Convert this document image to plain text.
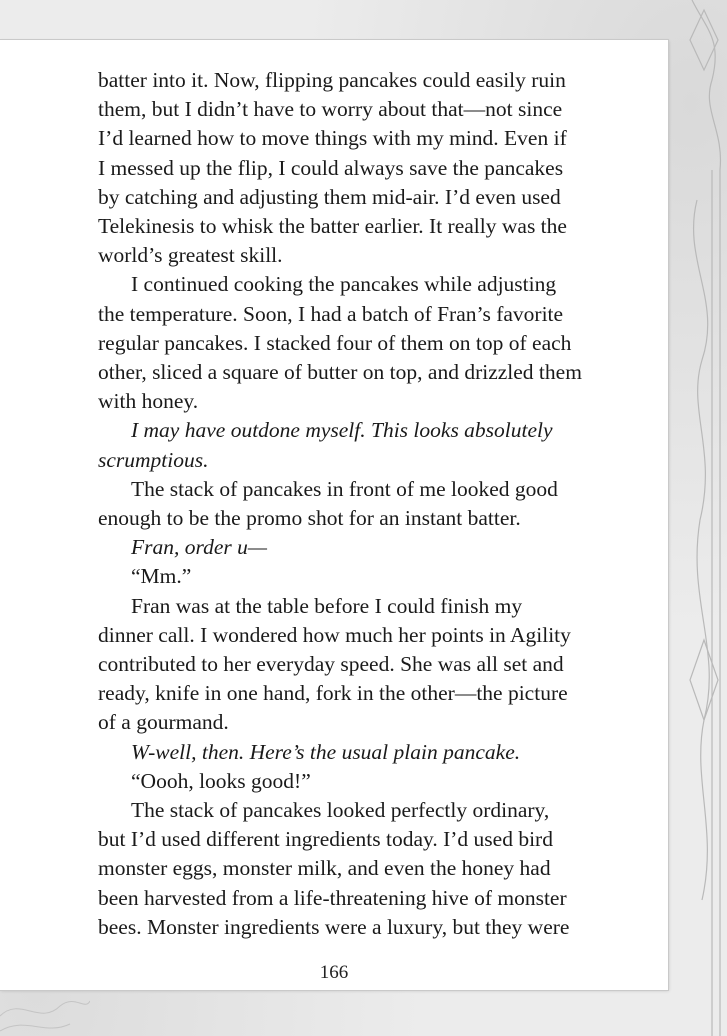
batter into it. Now, flipping pancakes could easily ruin
them, but I didn’t have to worry about that—not since
I’d learned how to move things with my mind. Even if
I messed up the flip, I could always save the pancakes
by catching and adjusting them mid-air. I’d even used
Telekinesis to whisk the batter earlier. It really was the
world’s greatest skill.
I continued cooking the pancakes while adjusting
the temperature. Soon, I had a batch of Fran’s favorite
regular pancakes. I stacked four of them on top of each
other, sliced a square of butter on top, and drizzled them
with honey.
I may have outdone myself. This looks absolutely
scrumptious.
The stack of pancakes in front of me looked good
enough to be the promo shot for an instant batter.
Fran, order u—
“Mm.”
Fran was at the table before I could finish my
dinner call. I wondered how much her points in Agility
contributed to her everyday speed. She was all set and
ready, knife in one hand, fork in the other—the picture
of a gourmand.
W-well, then. Here’s the usual plain pancake.
“Oooh, looks good!”
The stack of pancakes looked perfectly ordinary,
but I’d used different ingredients today. I’d used bird
monster eggs, monster milk, and even the honey had
been harvested from a life-threatening hive of monster
bees. Monster ingredients were a luxury, but they were
166
